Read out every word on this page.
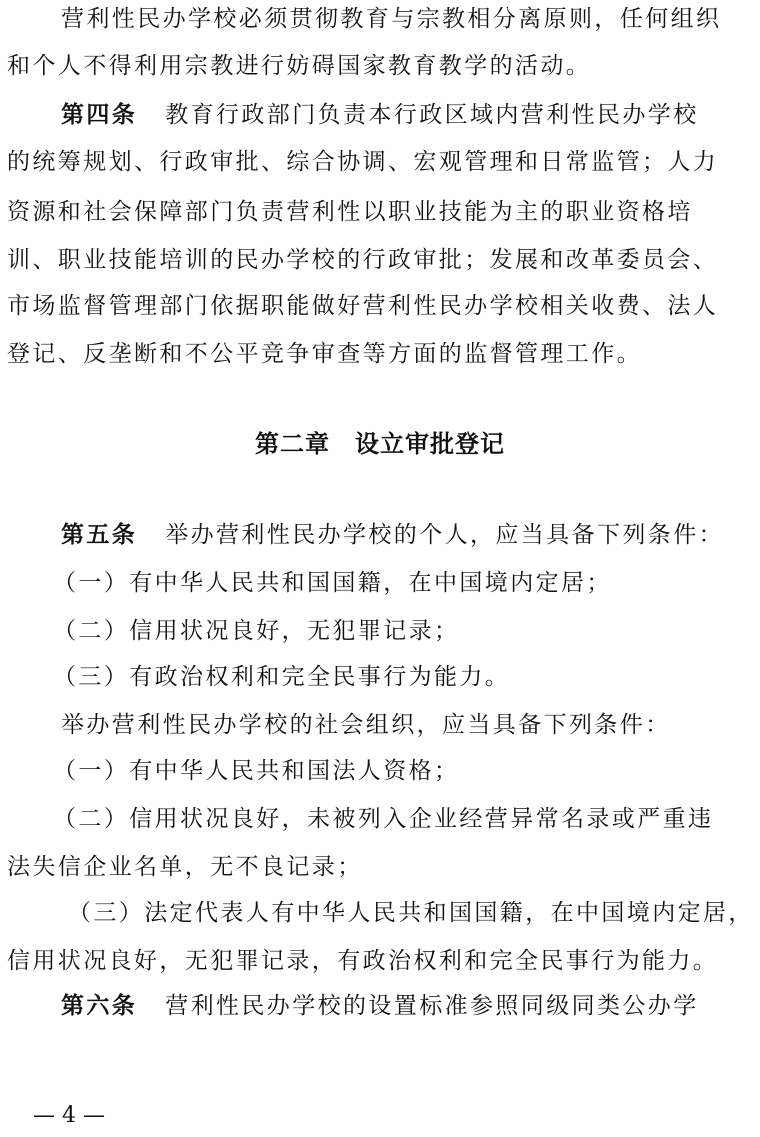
营利性民办学校必须贯彻教育与宗教相分离原则，任何组织

和个人不得利用宗教进行妨碍国家教育教学的活动。

第四条 教育行政部门负责本行政区域内营利性民办学校

的统筹规划、行政审批、综合协调、宏观管理和日常监管；人力

资源和社会保障部门负责营利性以职业技能为主的职业资格培

训、职业技能培训的民办学校的行政审批；发展和改革委员会、

市场监督管理部门依据职能做好营利性民办学校相关收费、法人

登记、反垄断和不公平竞争审查等方面的监督管理工作。

第二章　设立审批登记

第五条 举办营利性民办学校的个人，应当具备下列条件：

（一）有中华人民共和国国籍，在中国境内定居；

（二）信用状况良好，无犯罪记录；

（三）有政治权利和完全民事行为能力。

举办营利性民办学校的社会组织，应当具备下列条件：

（一）有中华人民共和国法人资格；

（二）信用状况良好，未被列入企业经营异常名录或严重违

法失信企业名单，无不良记录；

（三）法定代表人有中华人民共和国国籍，在中国境内定居，

信用状况良好，无犯罪记录，有政治权利和完全民事行为能力。

第六条 营利性民办学校的设置标准参照同级同类公办学

— 4 —
